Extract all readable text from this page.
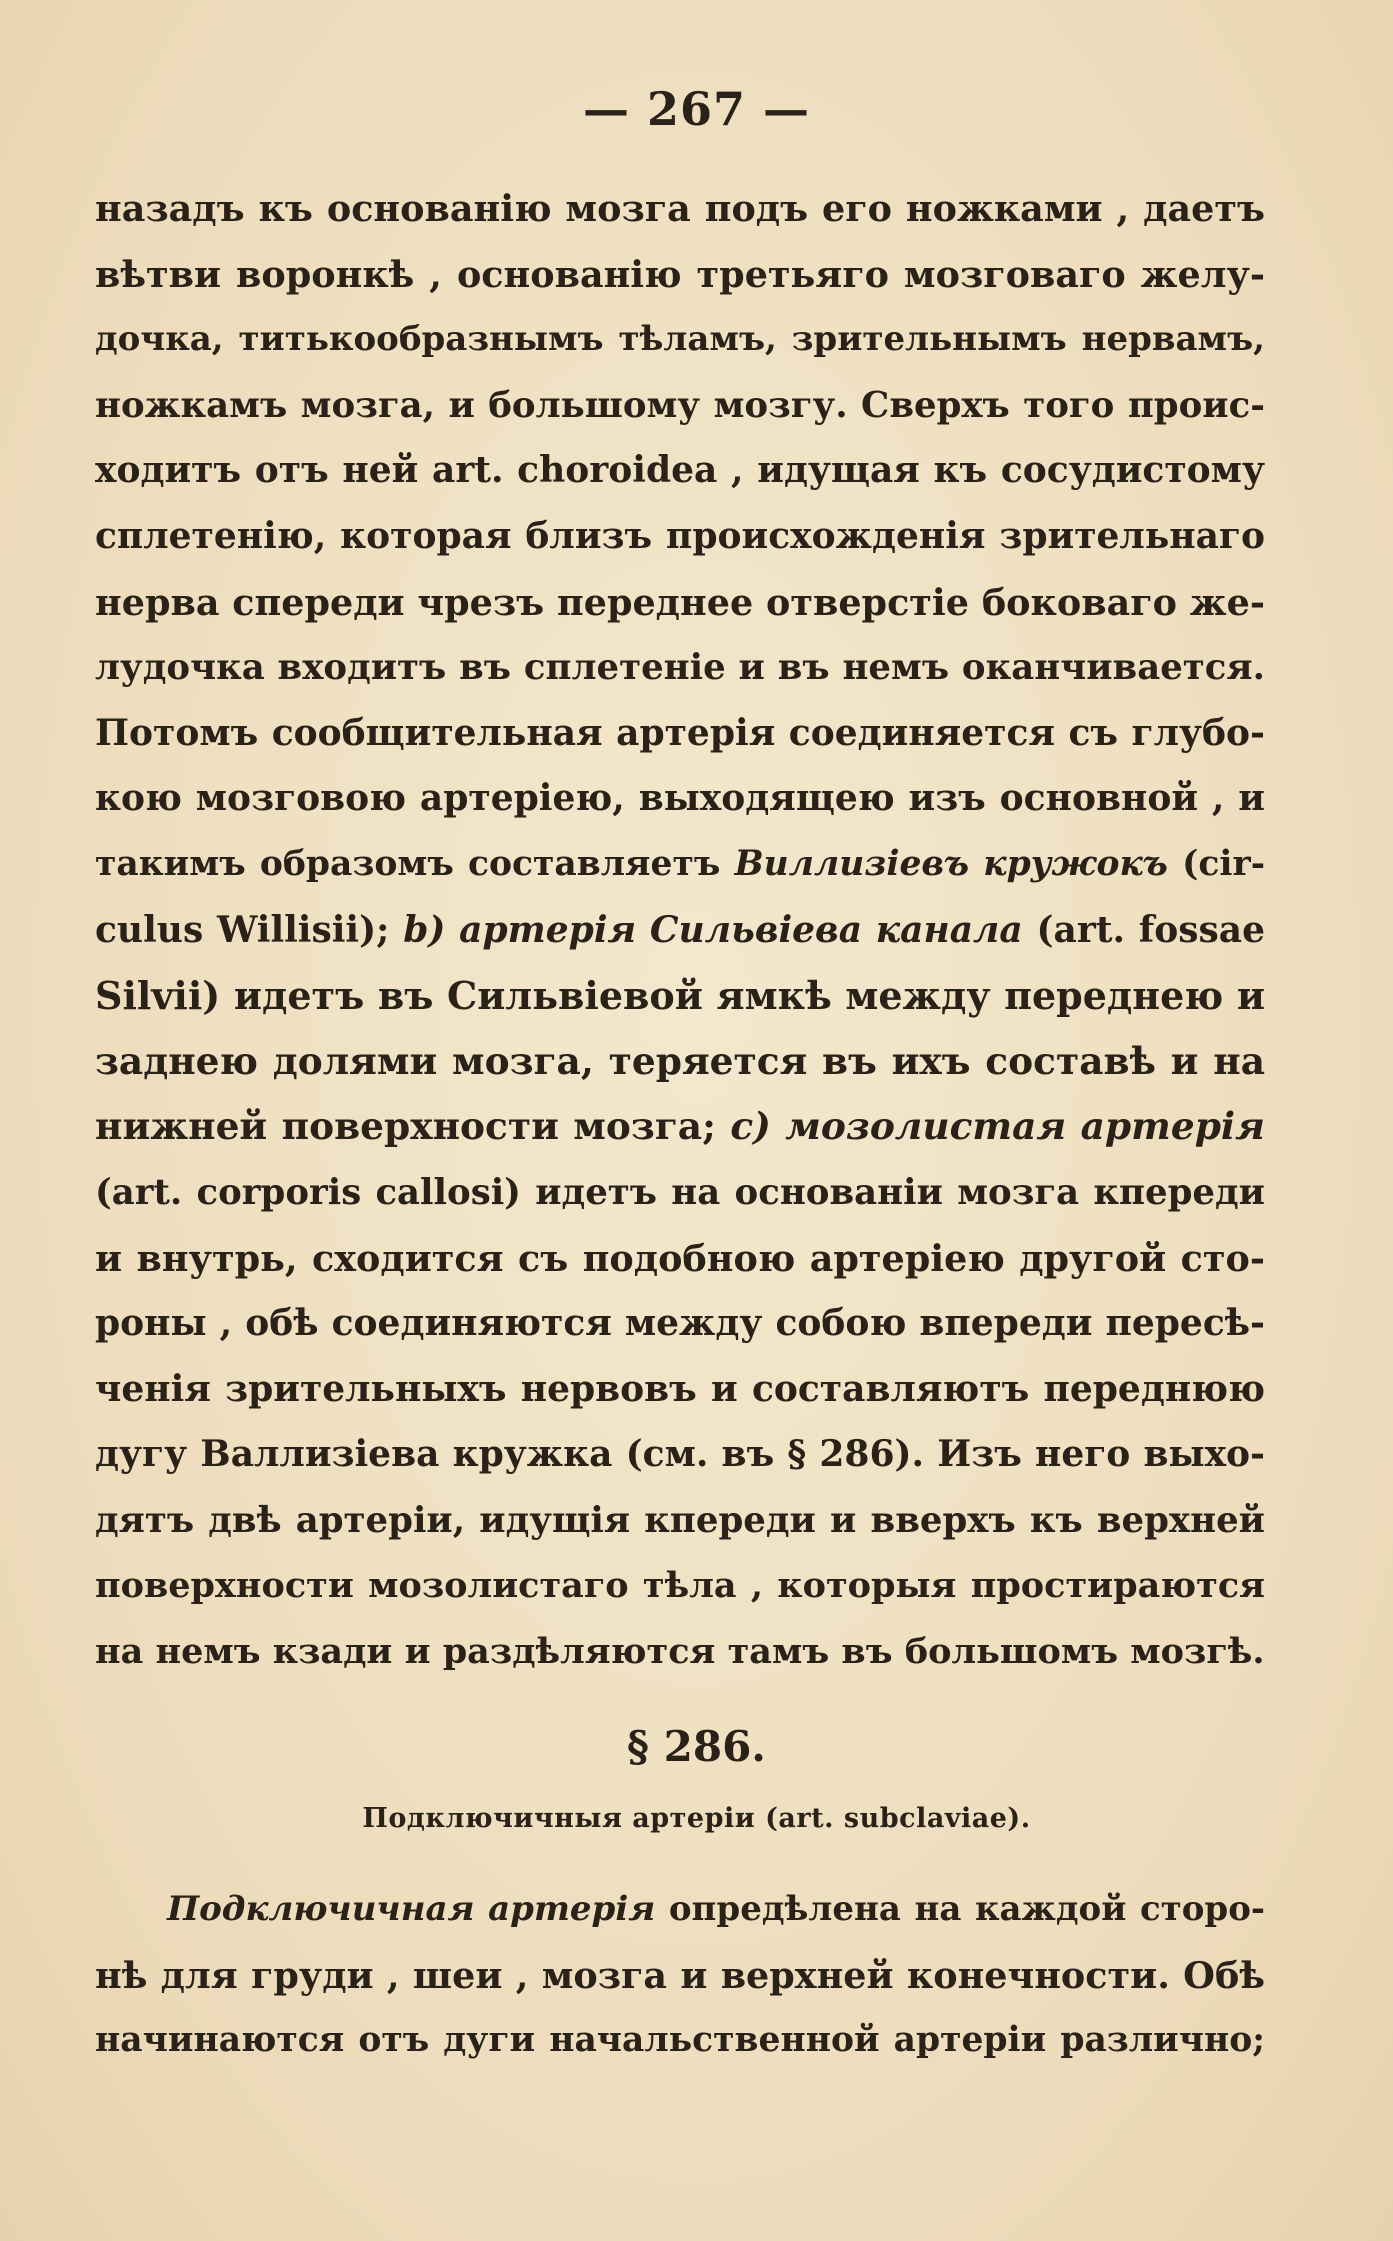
— 267 —
назадъ къ основанію мозга подъ его ножками , даетъ
вѣтви воронкѣ , основанію третьяго мозговаго желу-
дочка, титькообразнымъ тѣламъ, зрительнымъ нервамъ,
ножкамъ мозга, и большому мозгу. Сверхъ того проис-
ходитъ отъ ней art. choroidea , идущая къ сосудистому
сплетенію, которая близъ происхожденія зрительнаго
нерва спереди чрезъ переднее отверстіе боковаго же-
лудочка входитъ въ сплетеніе и въ немъ оканчивается.
Потомъ сообщительная артерія соединяется съ глубо-
кою мозговою артеріею, выходящею изъ основной , и
такимъ образомъ составляетъ Виллизіевъ кружокъ (cir-
culus Willisii); b) артерія Сильвіева канала (art. fossae
Silvii) идетъ въ Сильвіевой ямкѣ между переднею и
заднею долями мозга, теряется въ ихъ составѣ и на
нижней поверхности мозга; c) мозолистая артерія
(art. corporis callosi) идетъ на основаніи мозга кпереди
и внутрь, сходится съ подобною артеріею другой сто-
роны , обѣ соединяются между собою впереди пересѣ-
ченія зрительныхъ нервовъ и составляютъ переднюю
дугу Валлизіева кружка (см. въ § 286). Изъ него выхо-
дятъ двѣ артеріи, идущія кпереди и вверхъ къ верхней
поверхности мозолистаго тѣла , которыя простираются
на немъ кзади и раздѣляются тамъ въ большомъ мозгѣ.
§ 286.
Подключичныя артеріи (art. subclaviae).
Подключичная артерія опредѣлена на каждой сторо-
нѣ для груди , шеи , мозга и верхней конечности. Обѣ
начинаются отъ дуги начальственной артеріи различно;
